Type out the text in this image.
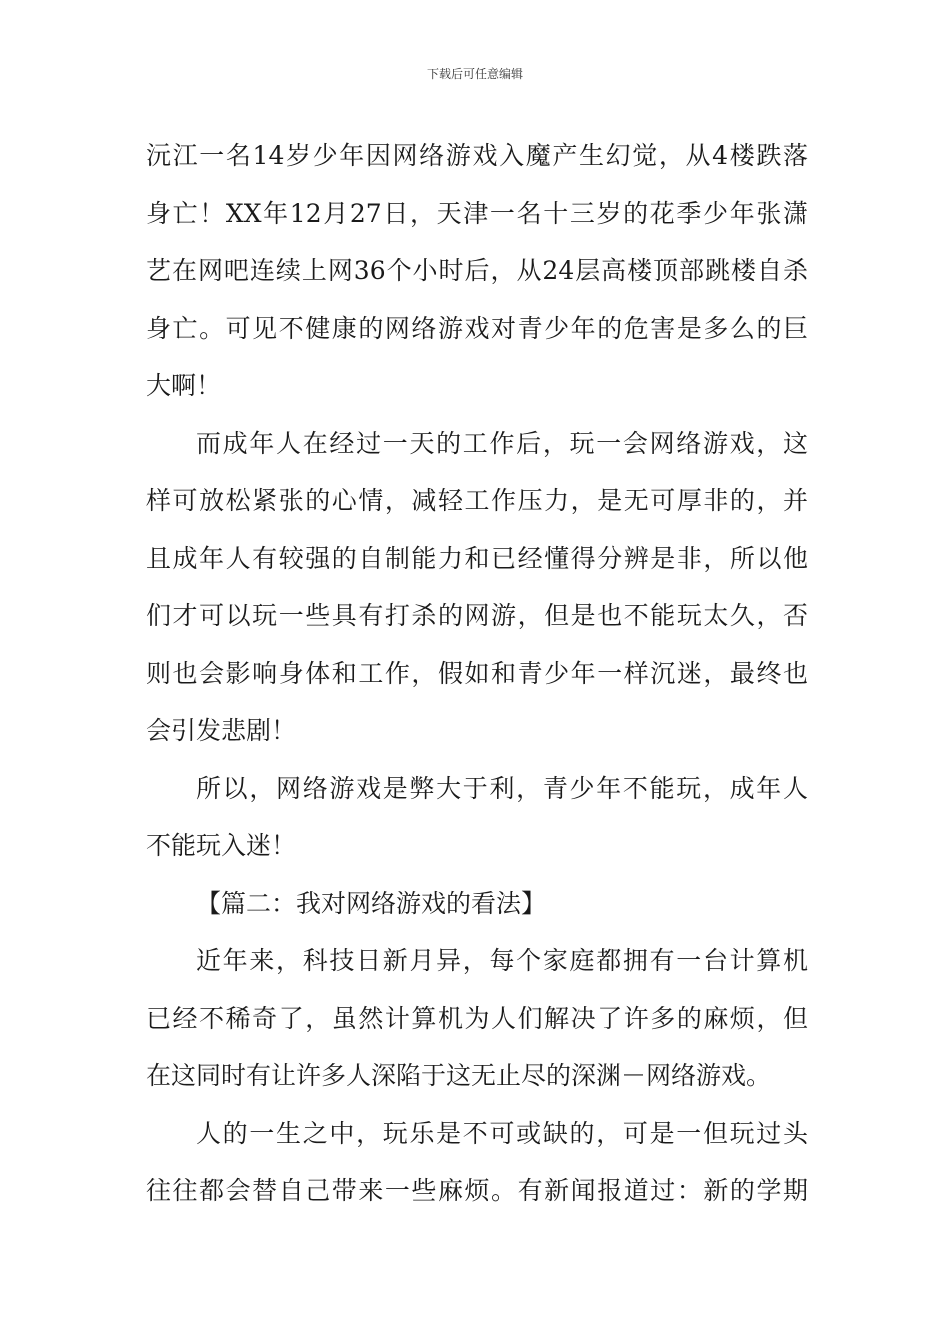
下载后可任意编辑
沅江一名14岁少年因网络游戏入魔产生幻觉，从4楼跌落
身亡！XX年12月27日，天津一名十三岁的花季少年张潇
艺在网吧连续上网36个小时后，从24层高楼顶部跳楼自杀
身亡。可见不健康的网络游戏对青少年的危害是多么的巨
大啊！
而成年人在经过一天的工作后，玩一会网络游戏，这
样可放松紧张的心情，减轻工作压力，是无可厚非的，并
且成年人有较强的自制能力和已经懂得分辨是非，所以他
们才可以玩一些具有打杀的网游，但是也不能玩太久，否
则也会影响身体和工作，假如和青少年一样沉迷，最终也
会引发悲剧！
所以，网络游戏是弊大于利，青少年不能玩，成年人
不能玩入迷！
【篇二：我对网络游戏的看法】
近年来，科技日新月异，每个家庭都拥有一台计算机
已经不稀奇了，虽然计算机为人们解决了许多的麻烦，但
在这同时有让许多人深陷于这无止尽的深渊－网络游戏。
人的一生之中，玩乐是不可或缺的，可是一但玩过头
往往都会替自己带来一些麻烦。有新闻报道过：新的学期
